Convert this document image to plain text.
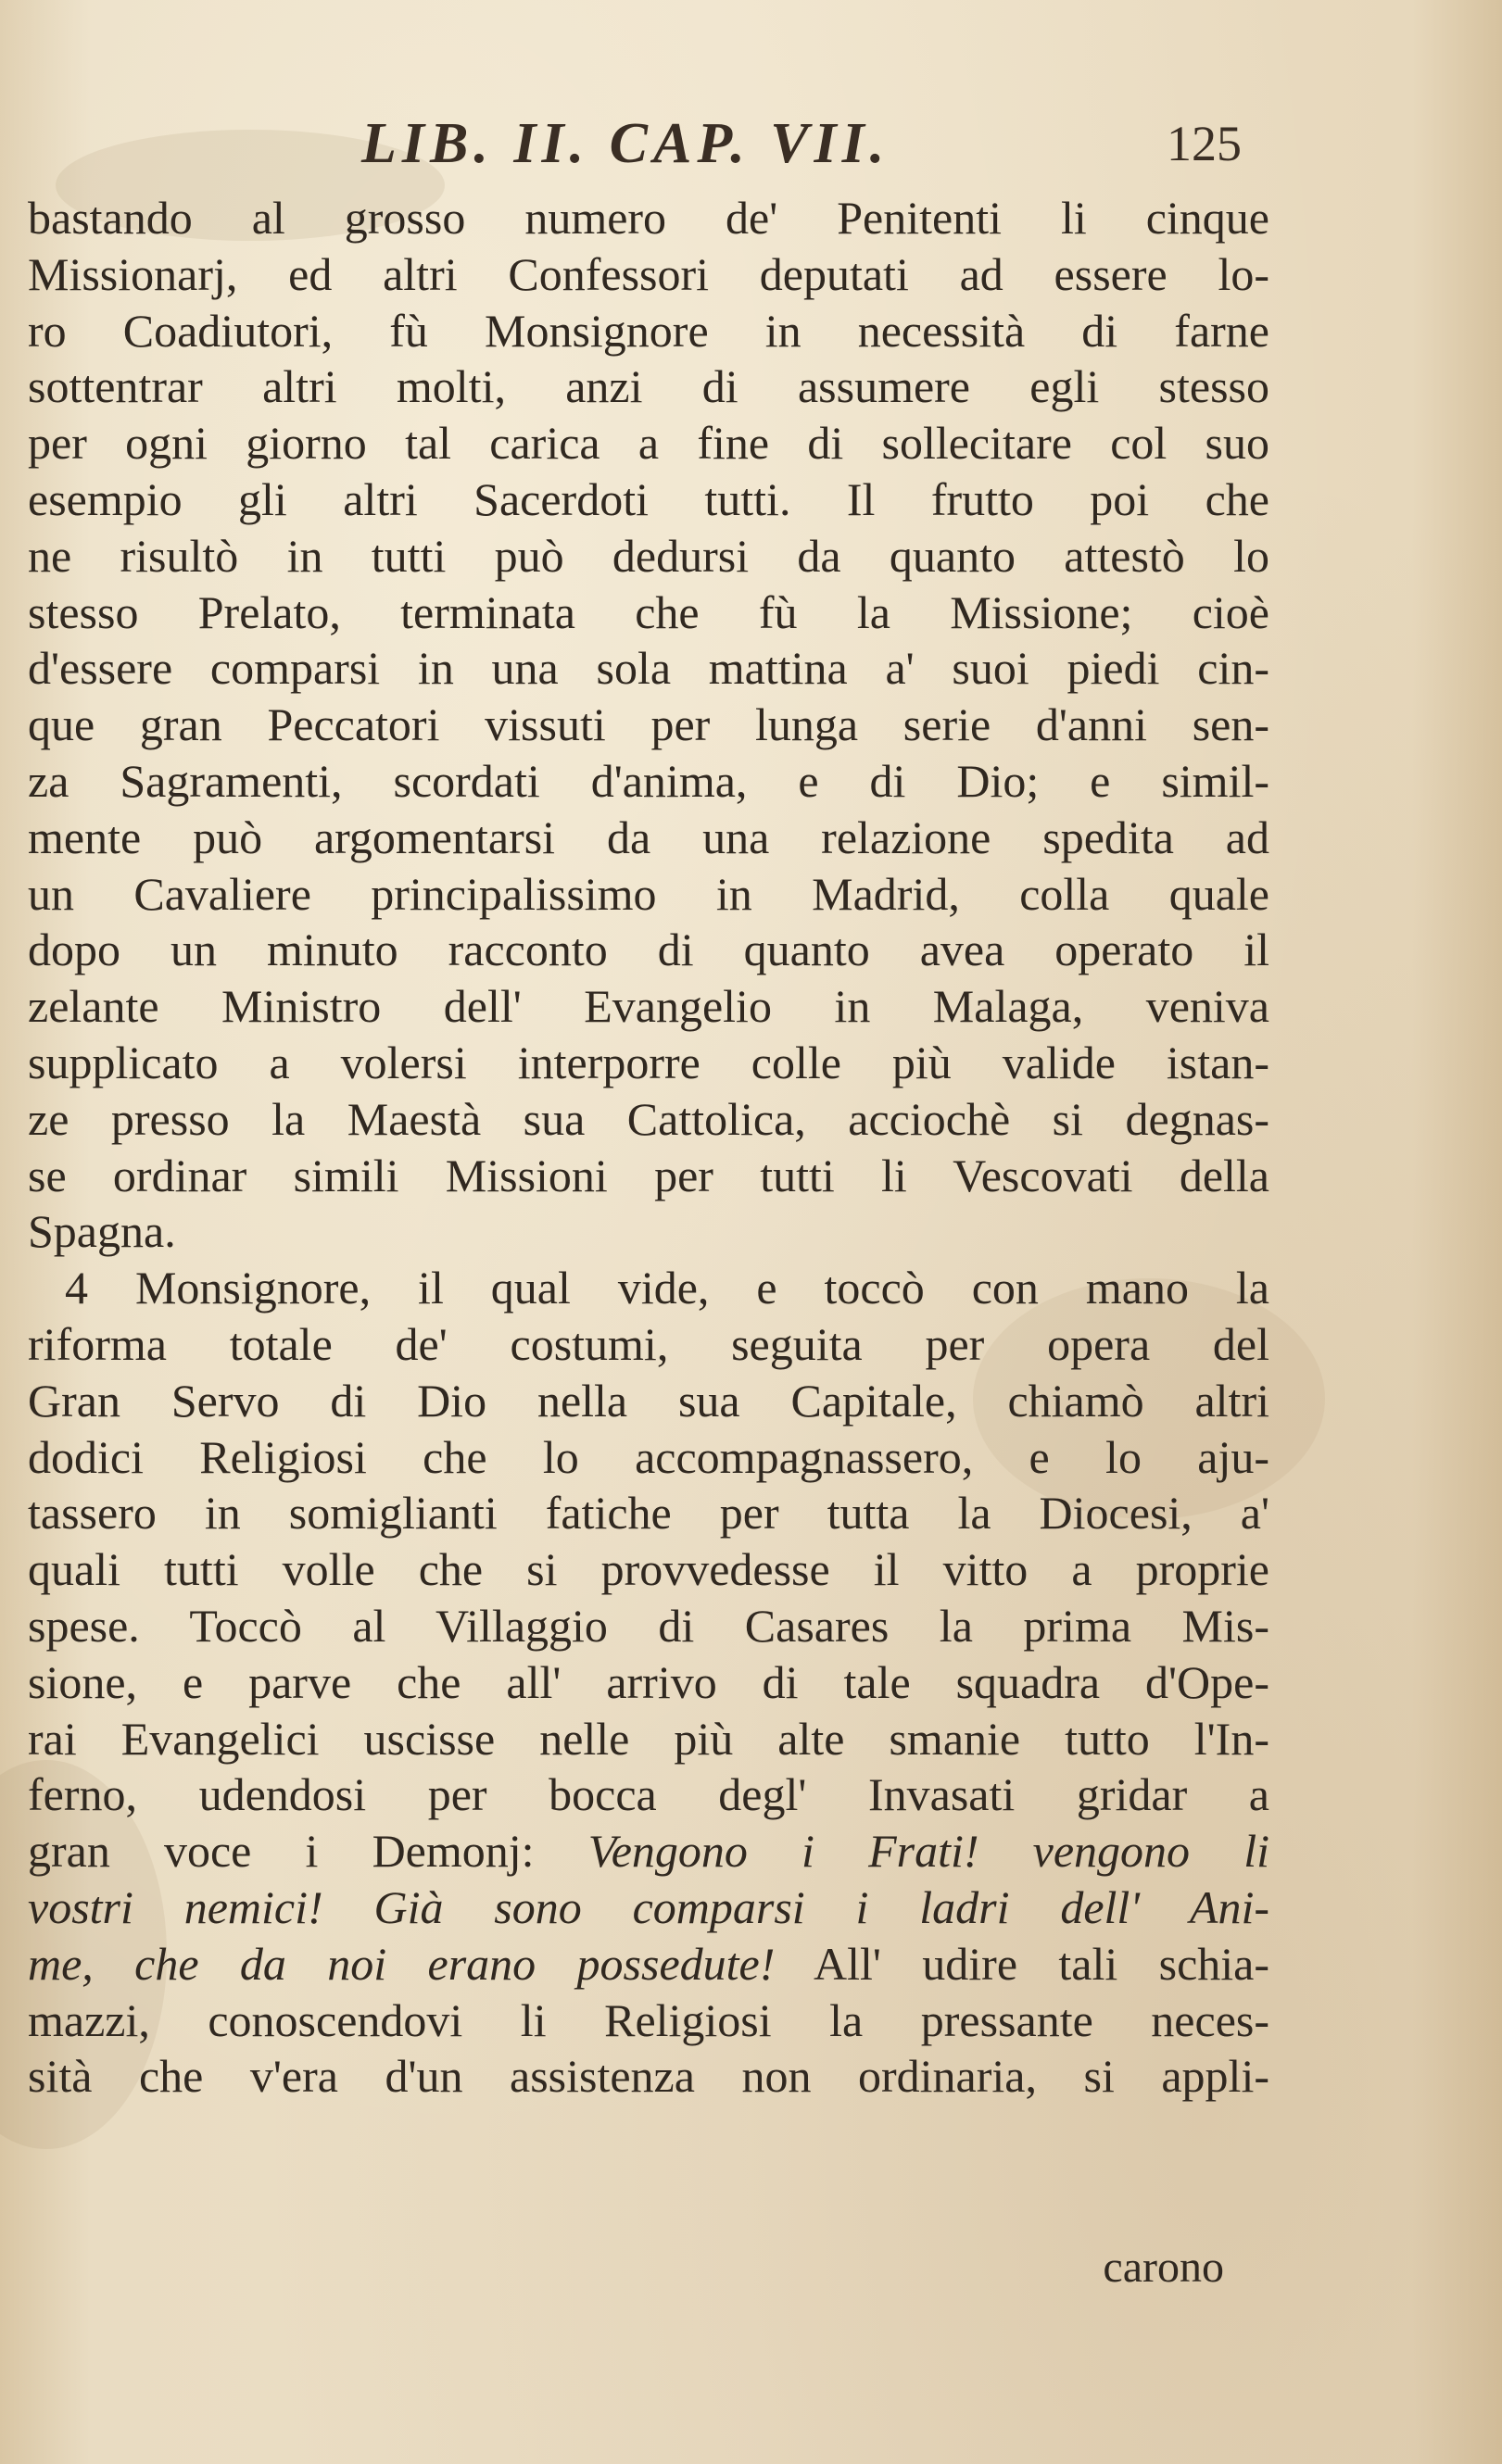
LIB. II. CAP. VII.	125
bastando al grosso numero de' Penitenti li cinque
Missionarj, ed altri Confessori deputati ad essere lo-
ro Coadiutori, fù Monsignore in necessità di farne
sottentrar altri molti, anzi di assumere egli stesso
per ogni giorno tal carica a fine di sollecitare col suo
esempio gli altri Sacerdoti tutti. Il frutto poi che
ne risultò in tutti può dedursi da quanto attestò lo
stesso Prelato, terminata che fù la Missione; cioè
d'essere comparsi in una sola mattina a' suoi piedi cin-
que gran Peccatori vissuti per lunga serie d'anni sen-
za Sagramenti, scordati d'anima, e di Dio; e simil-
mente può argomentarsi da una relazione spedita ad
un Cavaliere principalissimo in Madrid, colla quale
dopo un minuto racconto di quanto avea operato il
zelante Ministro dell' Evangelio in Malaga, veniva
supplicato a volersi interporre colle più valide istan-
ze presso la Maestà sua Cattolica, acciochè si degnas-
se ordinar simili Missioni per tutti li Vescovati della
Spagna.
4 Monsignore, il qual vide, e toccò con mano la
riforma totale de' costumi, seguita per opera del
Gran Servo di Dio nella sua Capitale, chiamò altri
dodici Religiosi che lo accompagnassero, e lo aju-
tassero in somiglianti fatiche per tutta la Diocesi, a'
quali tutti volle che si provvedesse il vitto a proprie
spese. Toccò al Villaggio di Casares la prima Mis-
sione, e parve che all' arrivo di tale squadra d'Ope-
rai Evangelici uscisse nelle più alte smanie tutto l'In-
ferno, udendosi per bocca degl' Invasati gridar a
gran voce i Demonj: Vengono i Frati! vengono li
vostri nemici! Già sono comparsi i ladri dell' Ani-
me, che da noi erano possedute! All' udire tali schia-
mazzi, conoscendovi li Religiosi la pressante neces-
sità che v'era d'un assistenza non ordinaria, si appli-
carono
